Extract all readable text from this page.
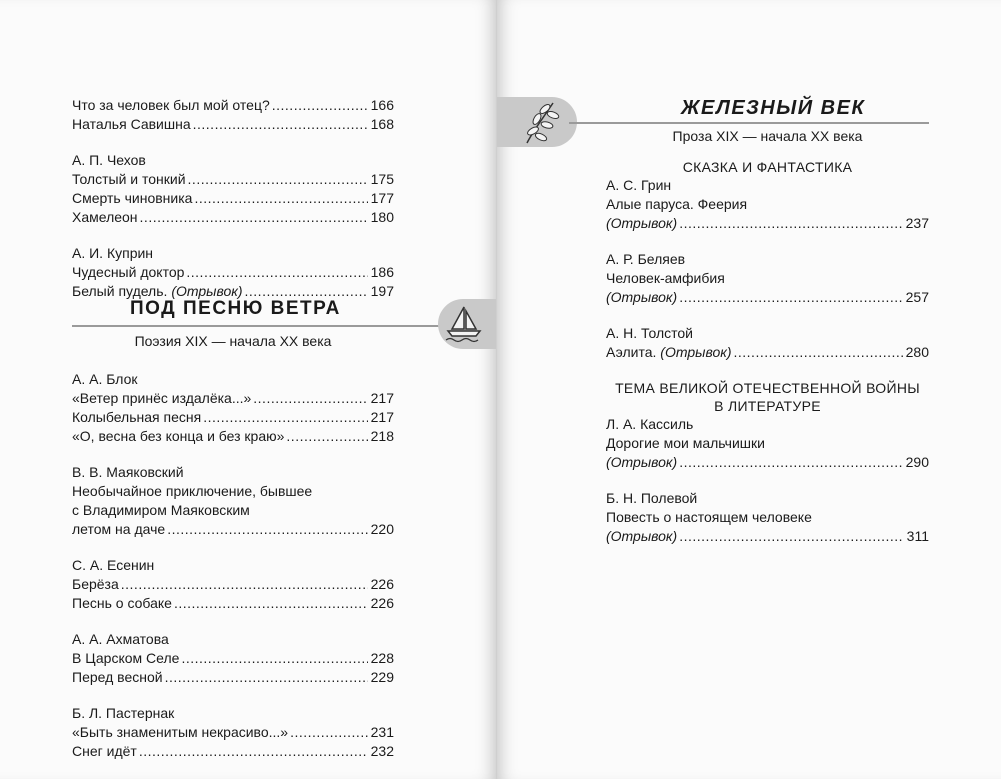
Что за человек был мой отец? .....	166
Наталья Савишна .....	168
А. П. Чехов
Толстый и тонкий .....	175
Смерть чиновника .....	177
Хамелеон .....	180
А. И. Куприн
Чудесный доктор .....	186
Белый пудель. (Отрывок) .....	197
ПОД ПЕСНЮ ВЕТРА
Поэзия XIX — начала XX века
А. А. Блок
«Ветер принёс издалёка...» .....	217
Колыбельная песня .....	217
«О, весна без конца и без краю» .....	218
В. В. Маяковский
Необычайное приключение, бывшее
с Владимиром Маяковским
летом на даче .....	220
С. А. Есенин
Берёза .....	226
Песнь о собаке .....	226
А. А. Ахматова
В Царском Селе .....	228
Перед весной .....	229
Б. Л. Пастернак
«Быть знаменитым некрасиво...» .....	231
Снег идёт .....	232
ЖЕЛЕЗНЫЙ ВЕК
Проза XIX — начала XX века
СКАЗКА И ФАНТАСТИКА
А. С. Грин
Алые паруса. Феерия
(Отрывок) .....	237
А. Р. Беляев
Человек-амфибия
(Отрывок) .....	257
А. Н. Толстой
Аэлита. (Отрывок) .....	280
ТЕМА ВЕЛИКОЙ ОТЕЧЕСТВЕННОЙ ВОЙНЫ
В ЛИТЕРАТУРЕ
Л. А. Кассиль
Дорогие мои мальчишки
(Отрывок) .....	290
Б. Н. Полевой
Повесть о настоящем человеке
(Отрывок) .....	311
